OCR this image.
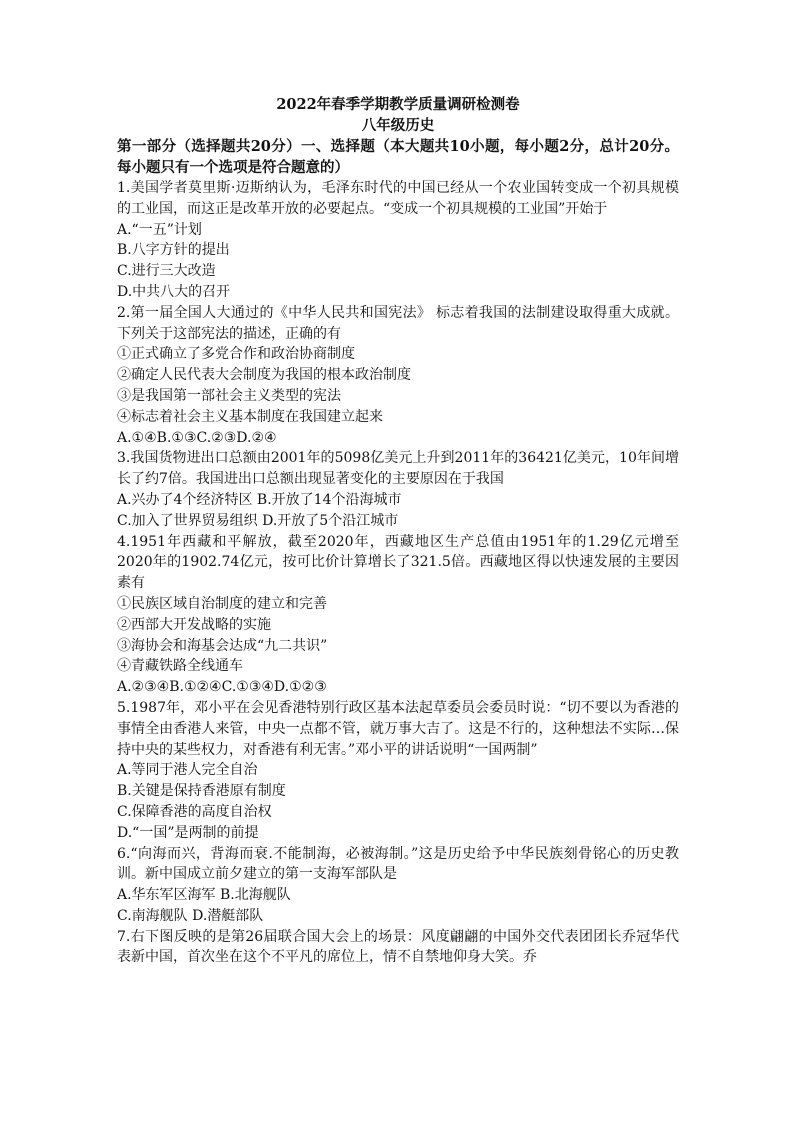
2022年春季学期教学质量调研检测卷
八年级历史
第一部分（选择题共20分）一、选择题（本大题共10小题，每小题2分，总计20分。每小题只有一个选项是符合题意的）
1.美国学者莫里斯·迈斯纳认为，毛泽东时代的中国已经从一个农业国转变成一个初具规模的工业国，而这正是改革开放的必要起点。“变成一个初具规模的工业国”开始于
A.“一五”计划
B.八字方针的提出
C.进行三大改造
D.中共八大的召开
2.第一届全国人大通过的《中华人民共和国宪法》 标志着我国的法制建设取得重大成就。下列关于这部宪法的描述，正确的有
①正式确立了多党合作和政治协商制度
②确定人民代表大会制度为我国的根本政治制度
③是我国第一部社会主义类型的宪法
④标志着社会主义基本制度在我国建立起来
A.①④B.①③C.②③D.②④
3.我国货物进出口总额由2001年的5098亿美元上升到2011年的36421亿美元，10年间增长了约7倍。我国进出口总额出现显著变化的主要原因在于我国
A.兴办了4个经济特区 B.开放了14个沿海城市
C.加入了世界贸易组织 D.开放了5个沿江城市
4.1951年西藏和平解放，截至2020年，西藏地区生产总值由1951年的1.29亿元增至2020年的1902.74亿元，按可比价计算增长了321.5倍。西藏地区得以快速发展的主要因素有
①民族区域自治制度的建立和完善
②西部大开发战略的实施
③海协会和海基会达成“九二共识”
④青藏铁路全线通车
A.②③④B.①②④C.①③④D.①②③
5.1987年，邓小平在会见香港特别行政区基本法起草委员会委员时说：“切不要以为香港的事情全由香港人来管，中央一点都不管，就万事大吉了。这是不行的，这种想法不实际…保持中央的某些权力，对香港有利无害。”邓小平的讲话说明“一国两制”
A.等同于港人完全自治
B.关键是保持香港原有制度
C.保障香港的高度自治权
D.“一国”是两制的前提
6.“向海而兴，背海而衰.不能制海，必被海制。”这是历史给予中华民族刻骨铭心的历史教训。新中国成立前夕建立的第一支海军部队是
A.华东军区海军 B.北海舰队
C.南海舰队 D.潜艇部队
7.右下图反映的是第26届联合国大会上的场景：风度翩翩的中国外交代表团团长乔冠华代表新中国，首次坐在这个不平凡的席位上，情不自禁地仰身大笑。乔
